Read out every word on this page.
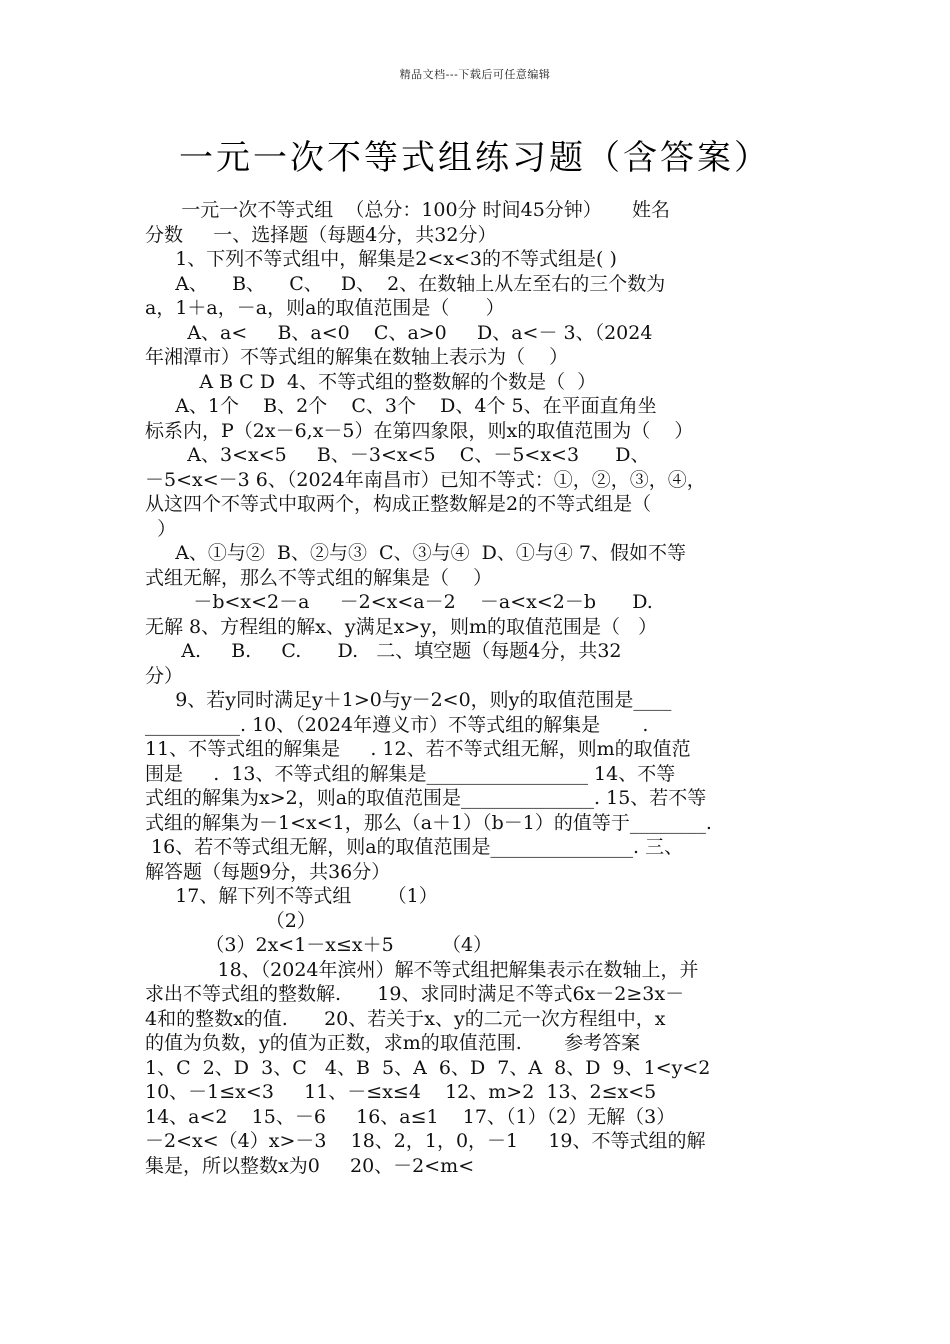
精品文档---下载后可任意编辑
一元一次不等式组练习题（含答案）
一元一次不等式组  （总分：100分 时间45分钟）     姓名
分数     一、选择题（每题4分，共32分）
1、下列不等式组中，解集是2<x<3的不等式组是( )
A、    B、    C、   D、  2、在数轴上从左至右的三个数为
a，1＋a，－a，则a的取值范围是（      ）
A、a<     B、a<0    C、a>0     D、a<－ 3、（2024
年湘潭市）不等式组的解集在数轴上表示为（    ）
A B C D  4、不等式组的整数解的个数是（  ）
A、1个    B、2个    C、3个    D、4个 5、在平面直角坐
标系内，P（2x－6,x－5）在第四象限，则x的取值范围为（    ）
A、3<x<5     B、－3<x<5    C、－5<x<3      D、
－5<x<－3 6、（2024年南昌市）已知不等式：①，②，③，④，
从这四个不等式中取两个，构成正整数解是2的不等式组是（
）
A、①与②  B、②与③  C、③与④  D、①与④ 7、假如不等
式组无解，那么不等式组的解集是（    ）
－b<x<2－a     －2<x<a－2    －a<x<2－b      D.
无解 8、方程组的解x、y满足x>y，则m的取值范围是（   ）
A.     B.     C.      D.   二、填空题（每题4分，共32
分）
9、若y同时满足y＋1>0与y－2<0，则y的取值范围是____
__________. 10、（2024年遵义市）不等式组的解集是       .
11、不等式组的解集是     . 12、若不等式组无解，则m的取值范
围是     .  13、不等式组的解集是_________________ 14、不等
式组的解集为x>2，则a的取值范围是______________. 15、若不等
式组的解集为－1<x<1，那么（a＋1）（b－1）的值等于________.
16、若不等式组无解，则a的取值范围是_______________. 三、
解答题（每题9分，共36分）
17、解下列不等式组      （1）
（2）
（3）2x<1－x≤x＋5        （4）
18、（2024年滨州）解不等式组把解集表示在数轴上，并
求出不等式组的整数解.      19、求同时满足不等式6x－2≥3x－
4和的整数x的值.      20、若关于x、y的二元一次方程组中，x
的值为负数，y的值为正数，求m的取值范围.       参考答案
1、C  2、D  3、C   4、B  5、A  6、D  7、A  8、D  9、1<y<2
10、－1≤x<3     11、－≤x≤4    12、m>2  13、2≤x<5
14、a<2    15、－6     16、a≤1    17、（1）（2）无解（3）
－2<x<（4）x>－3    18、2，1，0，－1     19、不等式组的解
集是，所以整数x为0     20、－2<m<
